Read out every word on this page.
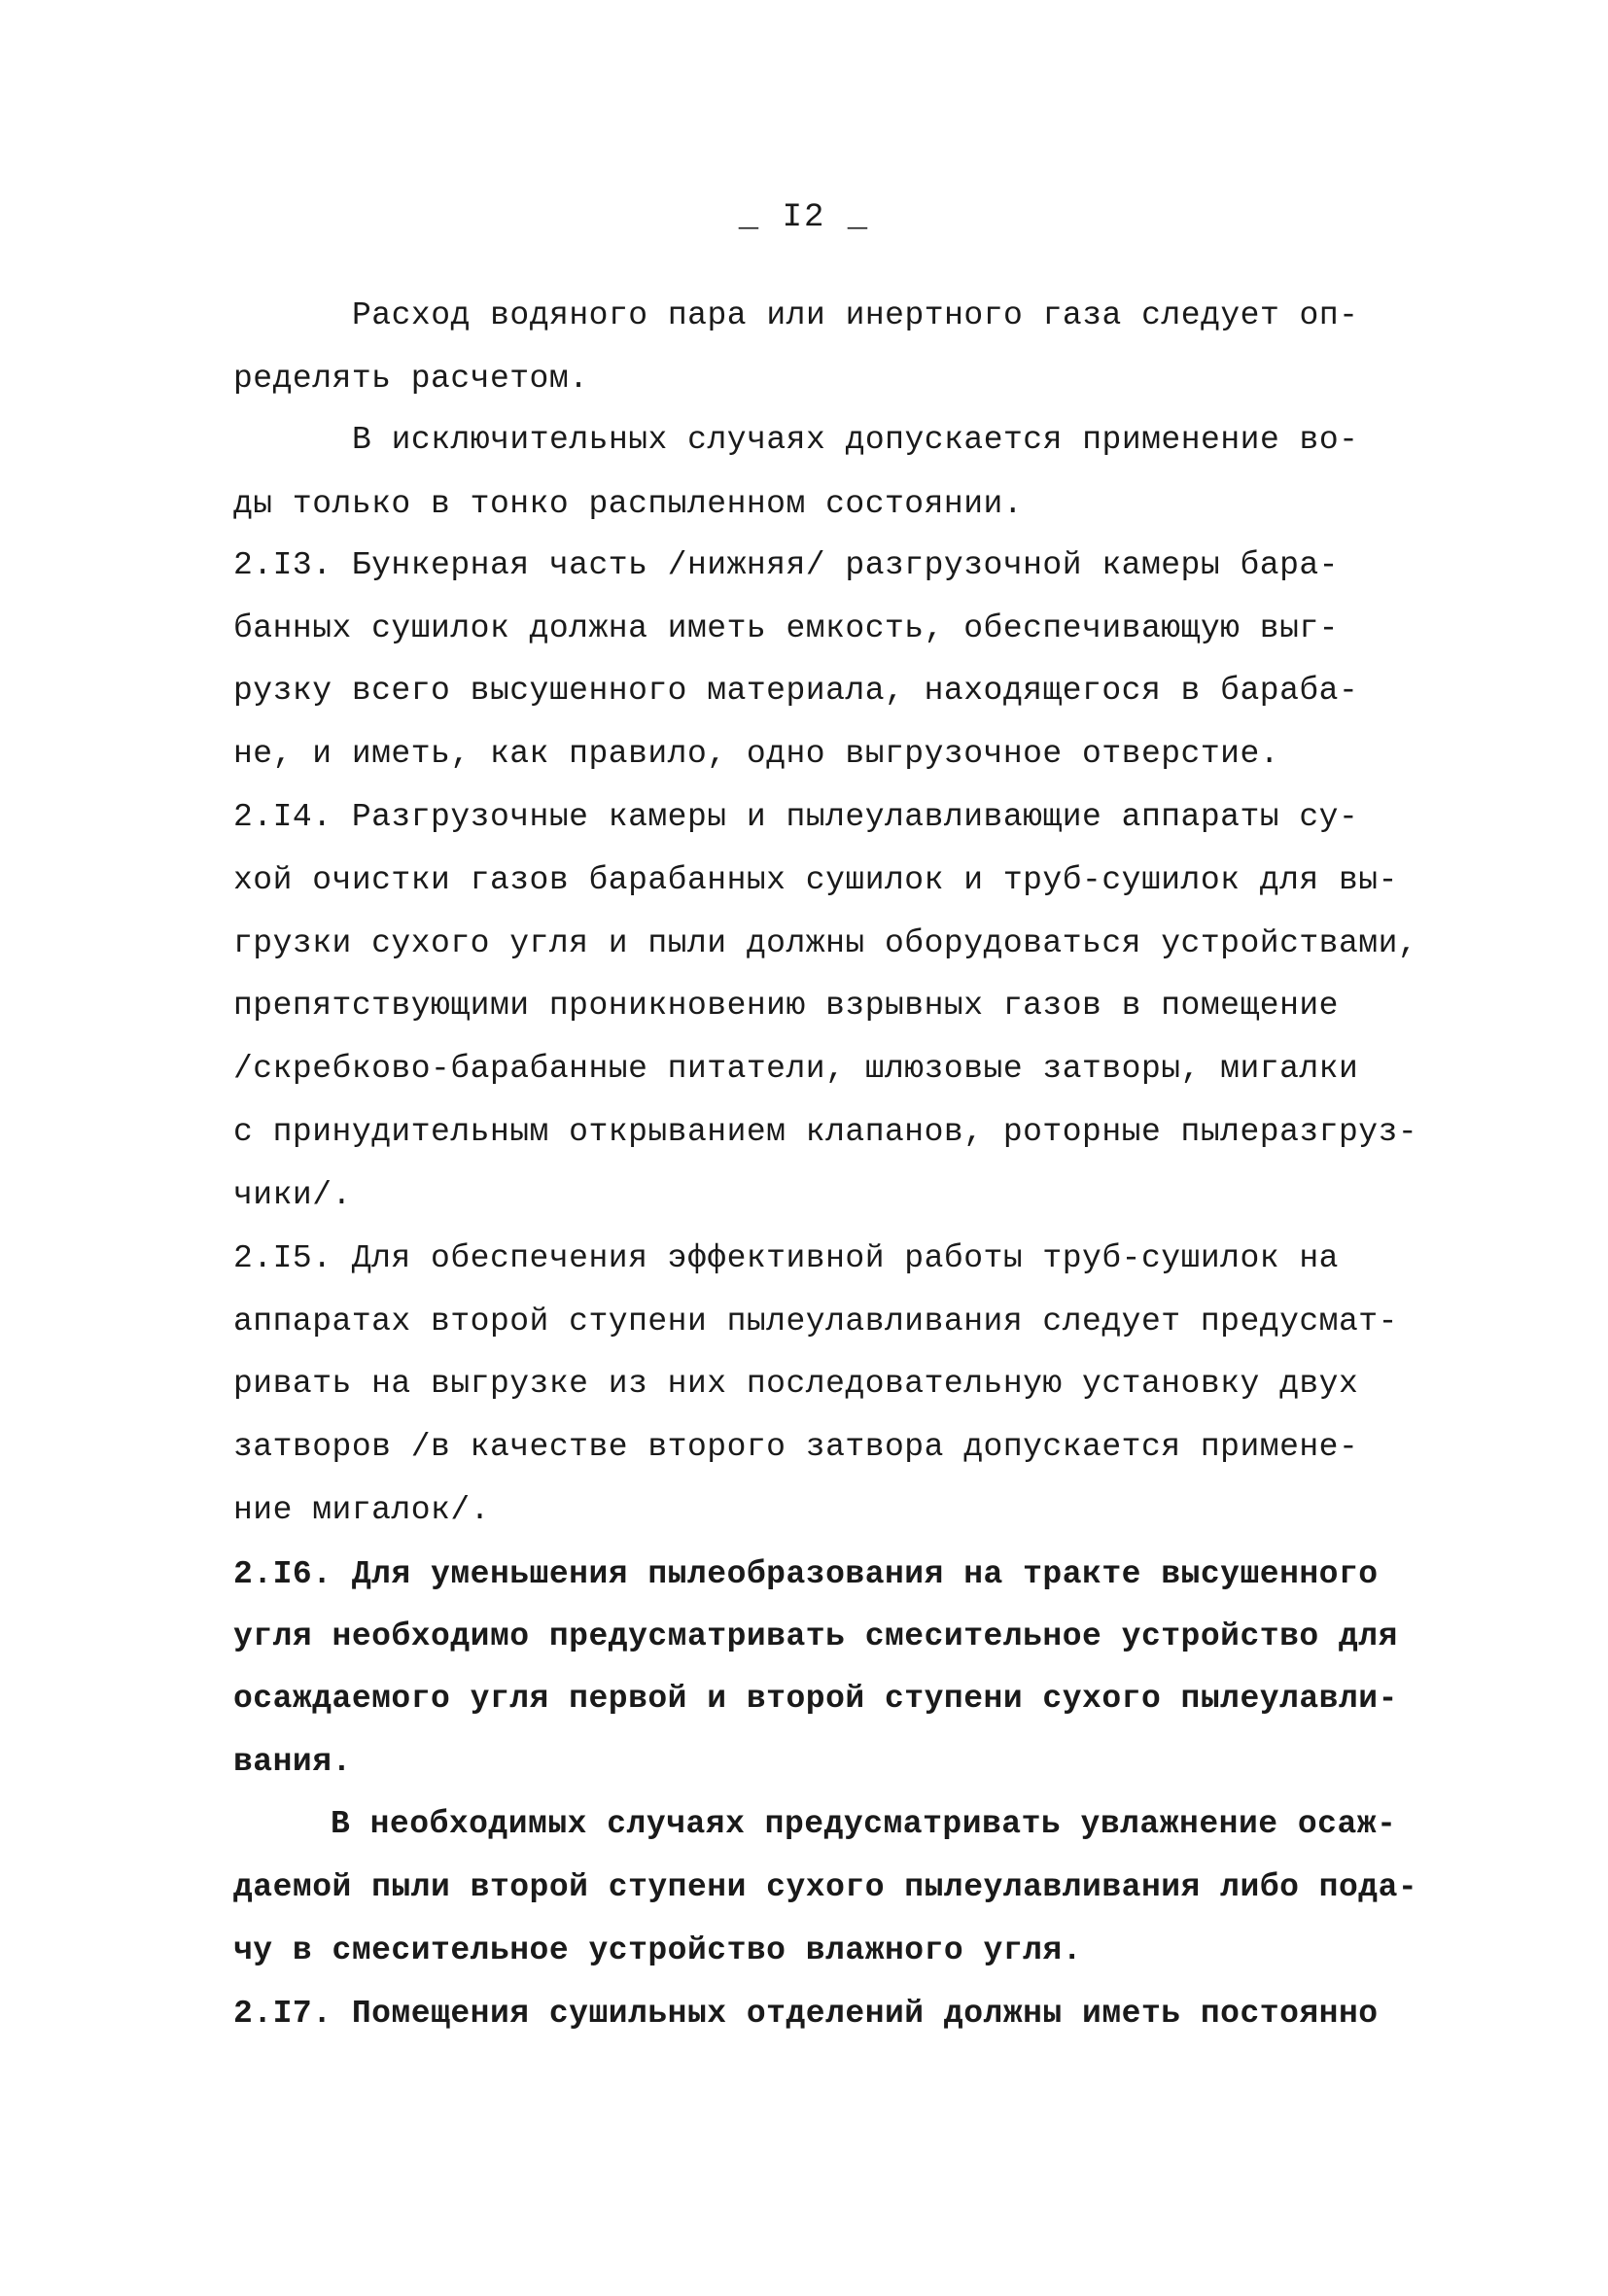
_ I2 _
Расход водяного пара или инертного газа следует оп-
ределять расчетом.
В исключительных случаях допускается применение во-
ды только в тонко распыленном состоянии.
2.I3. Бункерная часть /нижняя/ разгрузочной камеры бара-
банных сушилок должна иметь емкость, обеспечивающую выг-
рузку всего высушенного материала, находящегося в бараба-
не, и иметь, как правило, одно выгрузочное отверстие.
2.I4. Разгрузочные камеры и пылеулавливающие аппараты су-
хой очистки газов барабанных сушилок и труб-сушилок для вы-
грузки сухого угля и пыли должны оборудоваться устройствами,
препятствующими проникновению взрывных газов в помещение
/скребково-барабанные питатели, шлюзовые затворы, мигалки
с принудительным открыванием клапанов, роторные пылеразгруз-
чики/.
2.I5. Для обеспечения эффективной работы труб-сушилок на
аппаратах второй ступени пылеулавливания следует предусмат-
ривать на выгрузке из них последовательную установку двух
затворов /в качестве второго затвора допускается примене-
ние мигалок/.
2.I6. Для уменьшения пылеобразования на тракте высушенного
угля необходимо предусматривать смесительное устройство для
осаждаемого угля первой и второй ступени сухого пылеулавли-
вания.
В необходимых случаях предусматривать увлажнение осаж-
даемой пыли второй ступени сухого пылеулавливания либо пода-
чу в смесительное устройство влажного угля.
2.I7. Помещения сушильных отделений должны иметь постоянно
